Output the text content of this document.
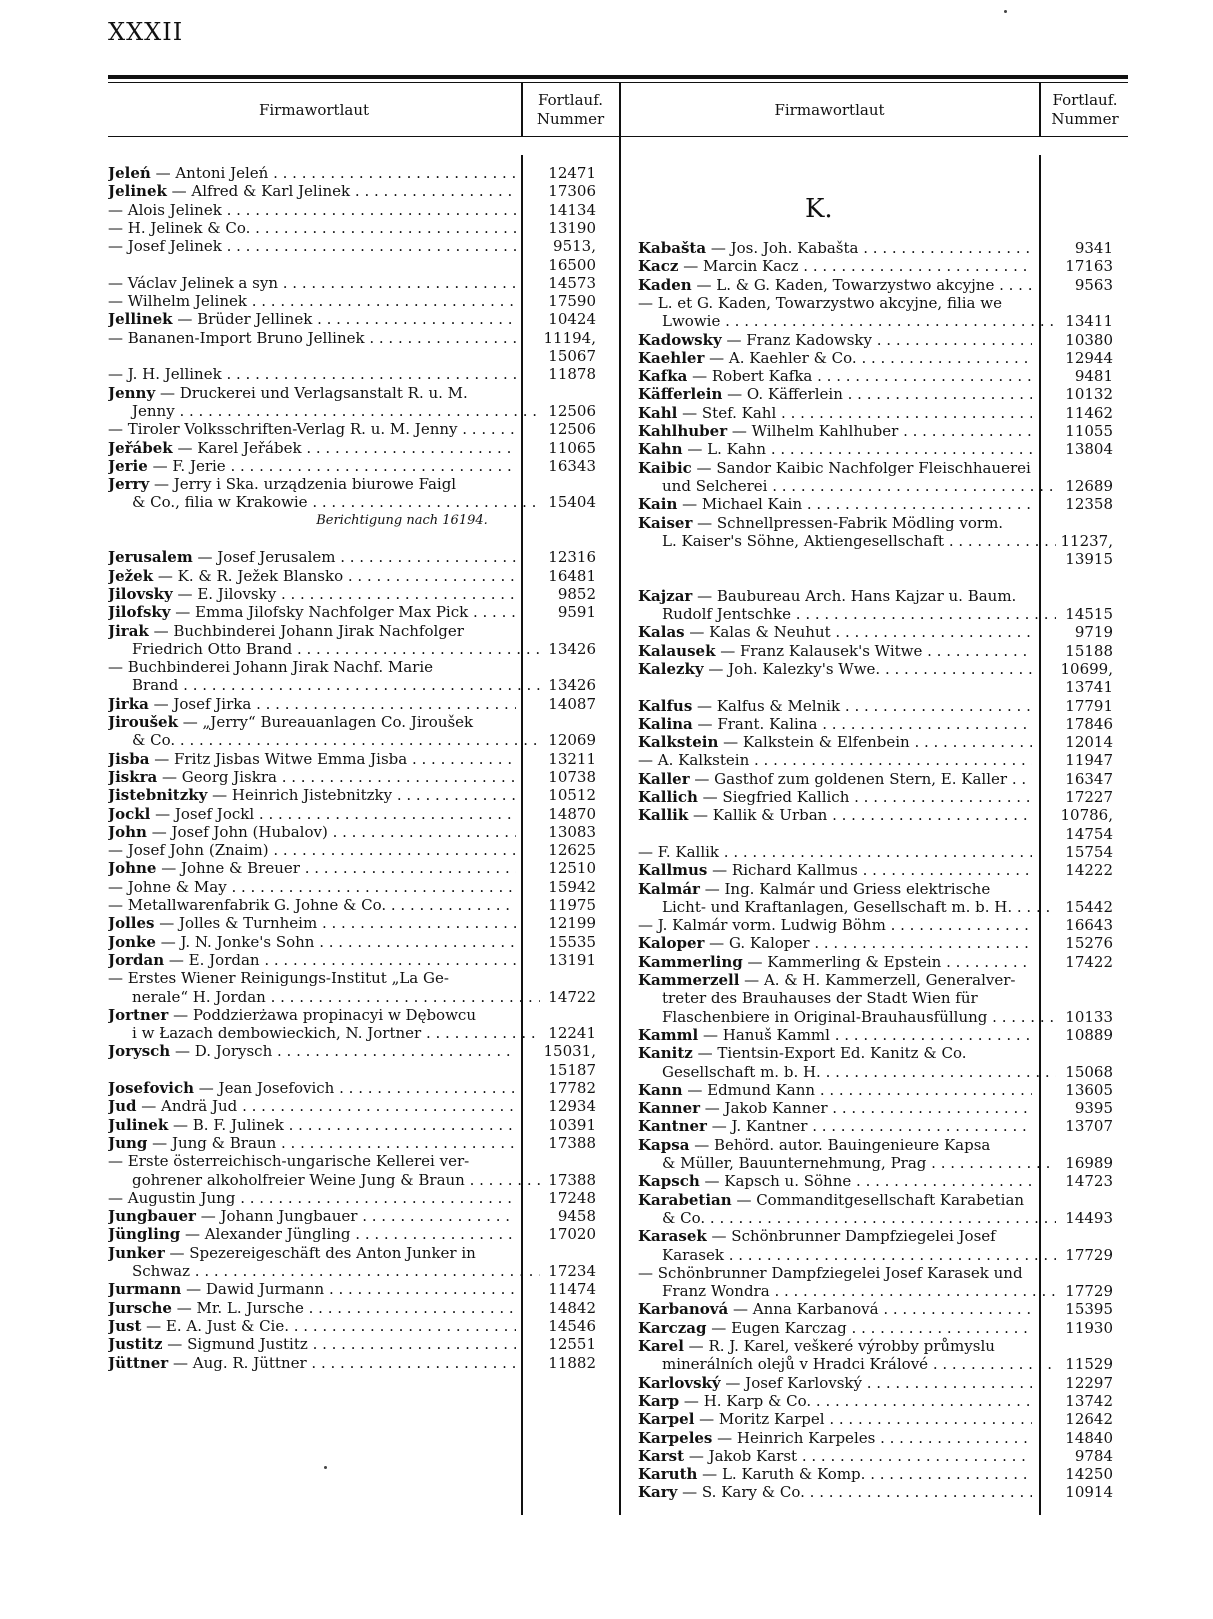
XXXII
Firmawortlaut
Fortlauf.
Nummer	Firmawortlaut
Fortlauf.
Nummer
K.
Jeleń — Antoni Jeleń . . .	12471
Jelinek — Alfred & Karl Jelinek . . .	17306
— Alois Jelinek . . .	14134
— H. Jelinek & Co. . . .	13190
— Josef Jelinek . . .	9513,
16500
— Václav Jelinek a syn . . .	14573
— Wilhelm Jelinek . . .	17590
Jellinek — Brüder Jellinek . . .	10424
— Bananen-Import Bruno Jellinek . . .	11194,
15067
— J. H. Jellinek . . .	11878
Jenny — Druckerei und Verlagsanstalt R. u. M.
Jenny . . .	12506
— Tiroler Volksschriften-Verlag R. u. M. Jenny . . .	12506
Jeřábek — Karel Jeřábek . . .	11065
Jerie — F. Jerie . . .	16343
Jerry — Jerry i Ska. urządzenia biurowe Faigl
& Co., filia w Krakowie . . .	15404
Berichtigung nach 16194.
Jerusalem — Josef Jerusalem . . .	12316
Ježek — K. & R. Ježek Blansko . . .	16481
Jilovsky — E. Jilovsky . . .	9852
Jilofsky — Emma Jilofsky Nachfolger Max Pick . . .	9591
Jirak — Buchbinderei Johann Jirak Nachfolger
Friedrich Otto Brand . . .	13426
— Buchbinderei Johann Jirak Nachf. Marie
Brand . . .	13426
Jirka — Josef Jirka . . .	14087
Jiroušek — „Jerry“ Bureauanlagen Co. Jiroušek
& Co. . . .	12069
Jisba — Fritz Jisbas Witwe Emma Jisba . . .	13211
Jiskra — Georg Jiskra . . .	10738
Jistebnitzky — Heinrich Jistebnitzky . . .	10512
Jockl — Josef Jockl . . .	14870
John — Josef John (Hubalov) . . .	13083
— Josef John (Znaim) . . .	12625
Johne — Johne & Breuer . . .	12510
— Johne & May . . .	15942
— Metallwarenfabrik G. Johne & Co. . . .	11975
Jolles — Jolles & Turnheim . . .	12199
Jonke — J. N. Jonke's Sohn . . .	15535
Jordan — E. Jordan . . .	13191
— Erstes Wiener Reinigungs-Institut „La Ge-
nerale“ H. Jordan . . .	14722
Jortner — Poddzierżawa propinacyi w Dębowcu
i w Łazach dembowieckich, N. Jortner . . .	12241
Jorysch — D. Jorysch . . .	15031,
15187
Josefovich — Jean Josefovich . . .	17782
Jud — Andrä Jud . . .	12934
Julinek — B. F. Julinek . . .	10391
Jung — Jung & Braun . . .	17388
— Erste österreichisch-ungarische Kellerei ver-
gohrener alkoholfreier Weine Jung & Braun . . .	17388
— Augustin Jung . . .	17248
Jungbauer — Johann Jungbauer . . .	9458
Jüngling — Alexander Jüngling . . .	17020
Junker — Spezereigeschäft des Anton Junker in
Schwaz . . .	17234
Jurmann — Dawid Jurmann . . .	11474
Jursche — Mr. L. Jursche . . .	14842
Just — E. A. Just & Cie. . . .	14546
Justitz — Sigmund Justitz . . .	12551
Jüttner — Aug. R. Jüttner . . .	11882
Kabašta — Jos. Joh. Kabašta . . .	9341
Kacz — Marcin Kacz . . .	17163
Kaden — L. & G. Kaden, Towarzystwo akcyjne . . .	9563
— L. et G. Kaden, Towarzystwo akcyjne, filia we
Lwowie . . .	13411
Kadowsky — Franz Kadowsky . . .	10380
Kaehler — A. Kaehler & Co. . . .	12944
Kafka — Robert Kafka . . .	9481
Käfferlein — O. Käfferlein . . .	10132
Kahl — Stef. Kahl . . .	11462
Kahlhuber — Wilhelm Kahlhuber . . .	11055
Kahn — L. Kahn . . .	13804
Kaibic — Sandor Kaibic Nachfolger Fleischhauerei
und Selcherei . . .	12689
Kain — Michael Kain . . .	12358
Kaiser — Schnellpressen-Fabrik Mödling vorm.
L. Kaiser's Söhne, Aktiengesellschaft . . .	11237,
13915
Kajzar — Baubureau Arch. Hans Kajzar u. Baum.
Rudolf Jentschke . . .	14515
Kalas — Kalas & Neuhut . . .	9719
Kalausek — Franz Kalausek's Witwe . . .	15188
Kalezky — Joh. Kalezky's Wwe. . . .	10699,
13741
Kalfus — Kalfus & Melnik . . .	17791
Kalina — Frant. Kalina . . .	17846
Kalkstein — Kalkstein & Elfenbein . . .	12014
— A. Kalkstein . . .	11947
Kaller — Gasthof zum goldenen Stern, E. Kaller . . .	16347
Kallich — Siegfried Kallich . . .	17227
Kallik — Kallik & Urban . . .	10786,
14754
— F. Kallik . . .	15754
Kallmus — Richard Kallmus . . .	14222
Kalmár — Ing. Kalmár und Griess elektrische
Licht- und Kraftanlagen, Gesellschaft m. b. H. . . .	15442
— J. Kalmár vorm. Ludwig Böhm . . .	16643
Kaloper — G. Kaloper . . .	15276
Kammerling — Kammerling & Epstein . . .	17422
Kammerzell — A. & H. Kammerzell, Generalver-
treter des Brauhauses der Stadt Wien für
Flaschenbiere in Original-Brauhausfüllung . . .	10133
Kamml — Hanuš Kamml . . .	10889
Kanitz — Tientsin-Export Ed. Kanitz & Co.
Gesellschaft m. b. H. . . .	15068
Kann — Edmund Kann . . .	13605
Kanner — Jakob Kanner . . .	9395
Kantner — J. Kantner . . .	13707
Kapsa — Behörd. autor. Bauingenieure Kapsa
& Müller, Bauunternehmung, Prag . . .	16989
Kapsch — Kapsch u. Söhne . . .	14723
Karabetian — Commanditgesellschaft Karabetian
& Co. . . .	14493
Karasek — Schönbrunner Dampfziegelei Josef
Karasek . . .	17729
— Schönbrunner Dampfziegelei Josef Karasek und
Franz Wondra . . .	17729
Karbanová — Anna Karbanová . . .	15395
Karczag — Eugen Karczag . . .	11930
Karel — R. J. Karel, veškeré výrobby průmyslu
minerálních olejů v Hradci Králové . . .	11529
Karlovský — Josef Karlovský . . .	12297
Karp — H. Karp & Co. . . .	13742
Karpel — Moritz Karpel . . .	12642
Karpeles — Heinrich Karpeles . . .	14840
Karst — Jakob Karst . . .	9784
Karuth — L. Karuth & Komp. . . .	14250
Kary — S. Kary & Co. . . .	10914
